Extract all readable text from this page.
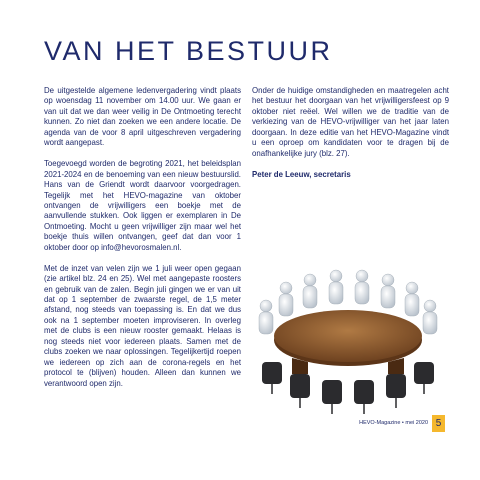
VAN HET BESTUUR

De uitgestelde algemene ledenvergadering vindt plaats op woensdag 11 november om 14.00 uur. We gaan er van uit dat we dan weer veilig in De Ontmoeting terecht kunnen. Zo niet dan zoeken we een andere locatie. De agenda van de voor 8 april uitgeschreven vergadering wordt aangepast.

Toegevoegd worden de begroting 2021, het beleidsplan 2021-2024 en de benoeming van een nieuw bestuurslid. Hans van de Griendt wordt daarvoor voorgedragen. Tegelijk met het HEVO-magazine van oktober ontvangen de vrijwilligers een boekje met de aanvullende stukken. Ook liggen er exemplaren in De Ontmoeting. Mocht u geen vrijwilliger zijn maar wel het boekje thuis willen ontvangen, geef dat dan voor 1 oktober door op info@hevorosmalen.nl.

Met de inzet van velen zijn we 1 juli weer open gegaan (zie artikel blz. 24 en 25). Wel met aangepaste roosters en gebruik van de zalen. Begin juli gingen we er van uit dat op 1 september de zwaarste regel, de 1,5 meter afstand, nog steeds van toepassing is. En dat we dus ook na 1 september moeten improviseren. In overleg met de clubs is een nieuw rooster gemaakt. Helaas is nog steeds niet voor iedereen plaats. Samen met de clubs zoeken we naar oplossingen. Tegelijkertijd roepen we iedereen op zich aan de corona-regels en het protocol te (blijven) houden. Alleen dan kunnen we verantwoord open zijn.

Onder de huidige omstandigheden en maatregelen acht het bestuur het doorgaan van het vrijwilligersfeest op 9 oktober niet reëel. Wel willen we de traditie van de verkiezing van de HEVO-vrijwilliger van het jaar laten doorgaan. In deze editie van het HEVO-Magazine vindt u een oproep om kandidaten voor te dragen bij de onafhankelijke jury (blz. 27).

Peter de Leeuw, secretaris

HEVO-Magazine • mei 2020 5
